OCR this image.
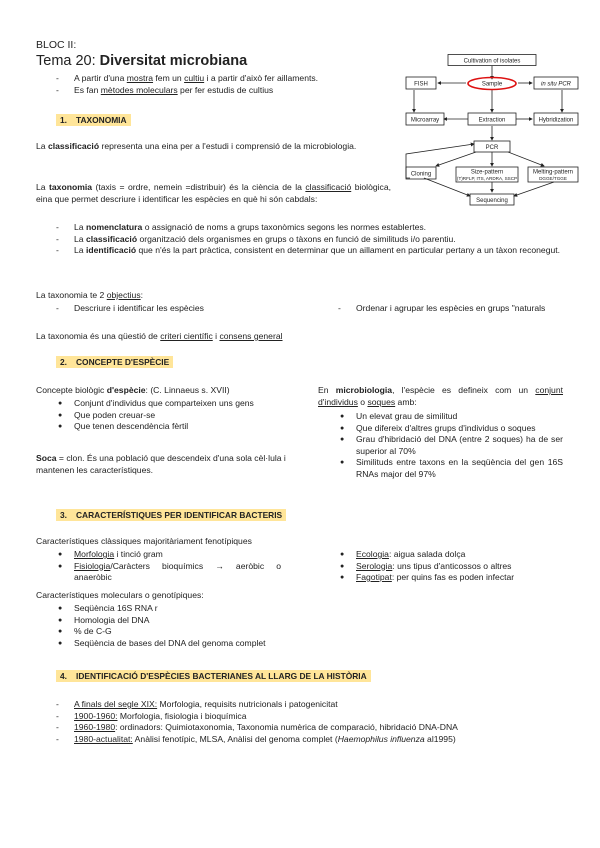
BLOC II:
Tema 20: Diversitat microbiana
- A partir d'una mostra fem un cultiu i a partir d'això fer aillaments.
- Es fan mètodes moleculars per fer estudis de cultius
Cultivation of isolates
FISH	Sample	in situ PCR
Microarray	Extraction	Hybridization
PCR
Cloning	Size-pattern
(T)RFLP, ITS, ARDRA, SSCP
Melting-pattern
DGGE/TGGE
Sequencing
1. TAXONOMIA
La classificació representa una eina per a l'estudi i comprensió de la microbiologia.
La taxonomia (taxis = ordre, nemein =distribuir) és la ciència de la classificació biològica, eina que permet descriure i identificar les espècies en què hi són cabdals:
- La nomenclatura o assignació de noms a grups taxonòmics segons les normes establertes.
- La classificació organització dels organismes en grups o tàxons en funció de similituds i/o parentiu.
- La identificació que n'és la part pràctica, consistent en determinar que un aillament en particular pertany a un tàxon reconegut.
La taxonomia te 2 objectius:
- Descriure i identificar les espècies
-	Ordenar i agrupar les espècies en grups "naturals
La taxonomia és una qüestió de criteri científic i consens general
2. CONCEPTE D'ESPÈCIE
Concepte biològic d'espècie: (C. Linnaeus s. XVII)
● Conjunt d'individus que comparteixen uns gens
● Que poden creuar-se
● Que tenen descendència fèrtil
Soca = clon. És una població que descendeix d'una sola cèl·lula i mantenen les característiques.
En microbiologia, l'espècie es defineix com un conjunt d'individus o soques amb:
● Un elevat grau de similitud
● Que difereix d'altres grups d'individus o soques
● Grau d'hibridació del DNA (entre 2 soques) ha de ser superior al 70%
● Similituds entre taxons en la seqüència del gen 16S RNAs major del 97%
3. CARACTERÍSTIQUES PER IDENTIFICAR BACTERIS
Característiques clàssiques majoritàriament fenotípiques
● Morfologia i tinció gram
● Fisiologia/Caràcters bioquímics → aeròbic o anaeròbic
● Ecologia: aigua salada dolça
● Serologia: uns tipus d'anticossos o altres
● Fagotipat: per quins fas es poden infectar
Característiques moleculars o genotípiques:
● Seqüència 16S RNA r
● Homologia del DNA
● % de C-G
● Seqüència de bases del DNA del genoma complet
4. IDENTIFICACIÓ D'ESPÈCIES BACTERIANES AL LLARG DE LA HISTÒRIA
- A finals del segle XIX: Morfologia, requisits nutricionals i patogenicitat
- 1900-1960: Morfologia, fisiologia i bioquímica
- 1960-1980: ordinadors: Quimiotaxonomia, Taxonomia numèrica de comparació, hibridació DNA-DNA
- 1980-actualitat: Anàlisi fenotípic, MLSA, Anàlisi del genoma complet (Haemophilus influenza al1995)
